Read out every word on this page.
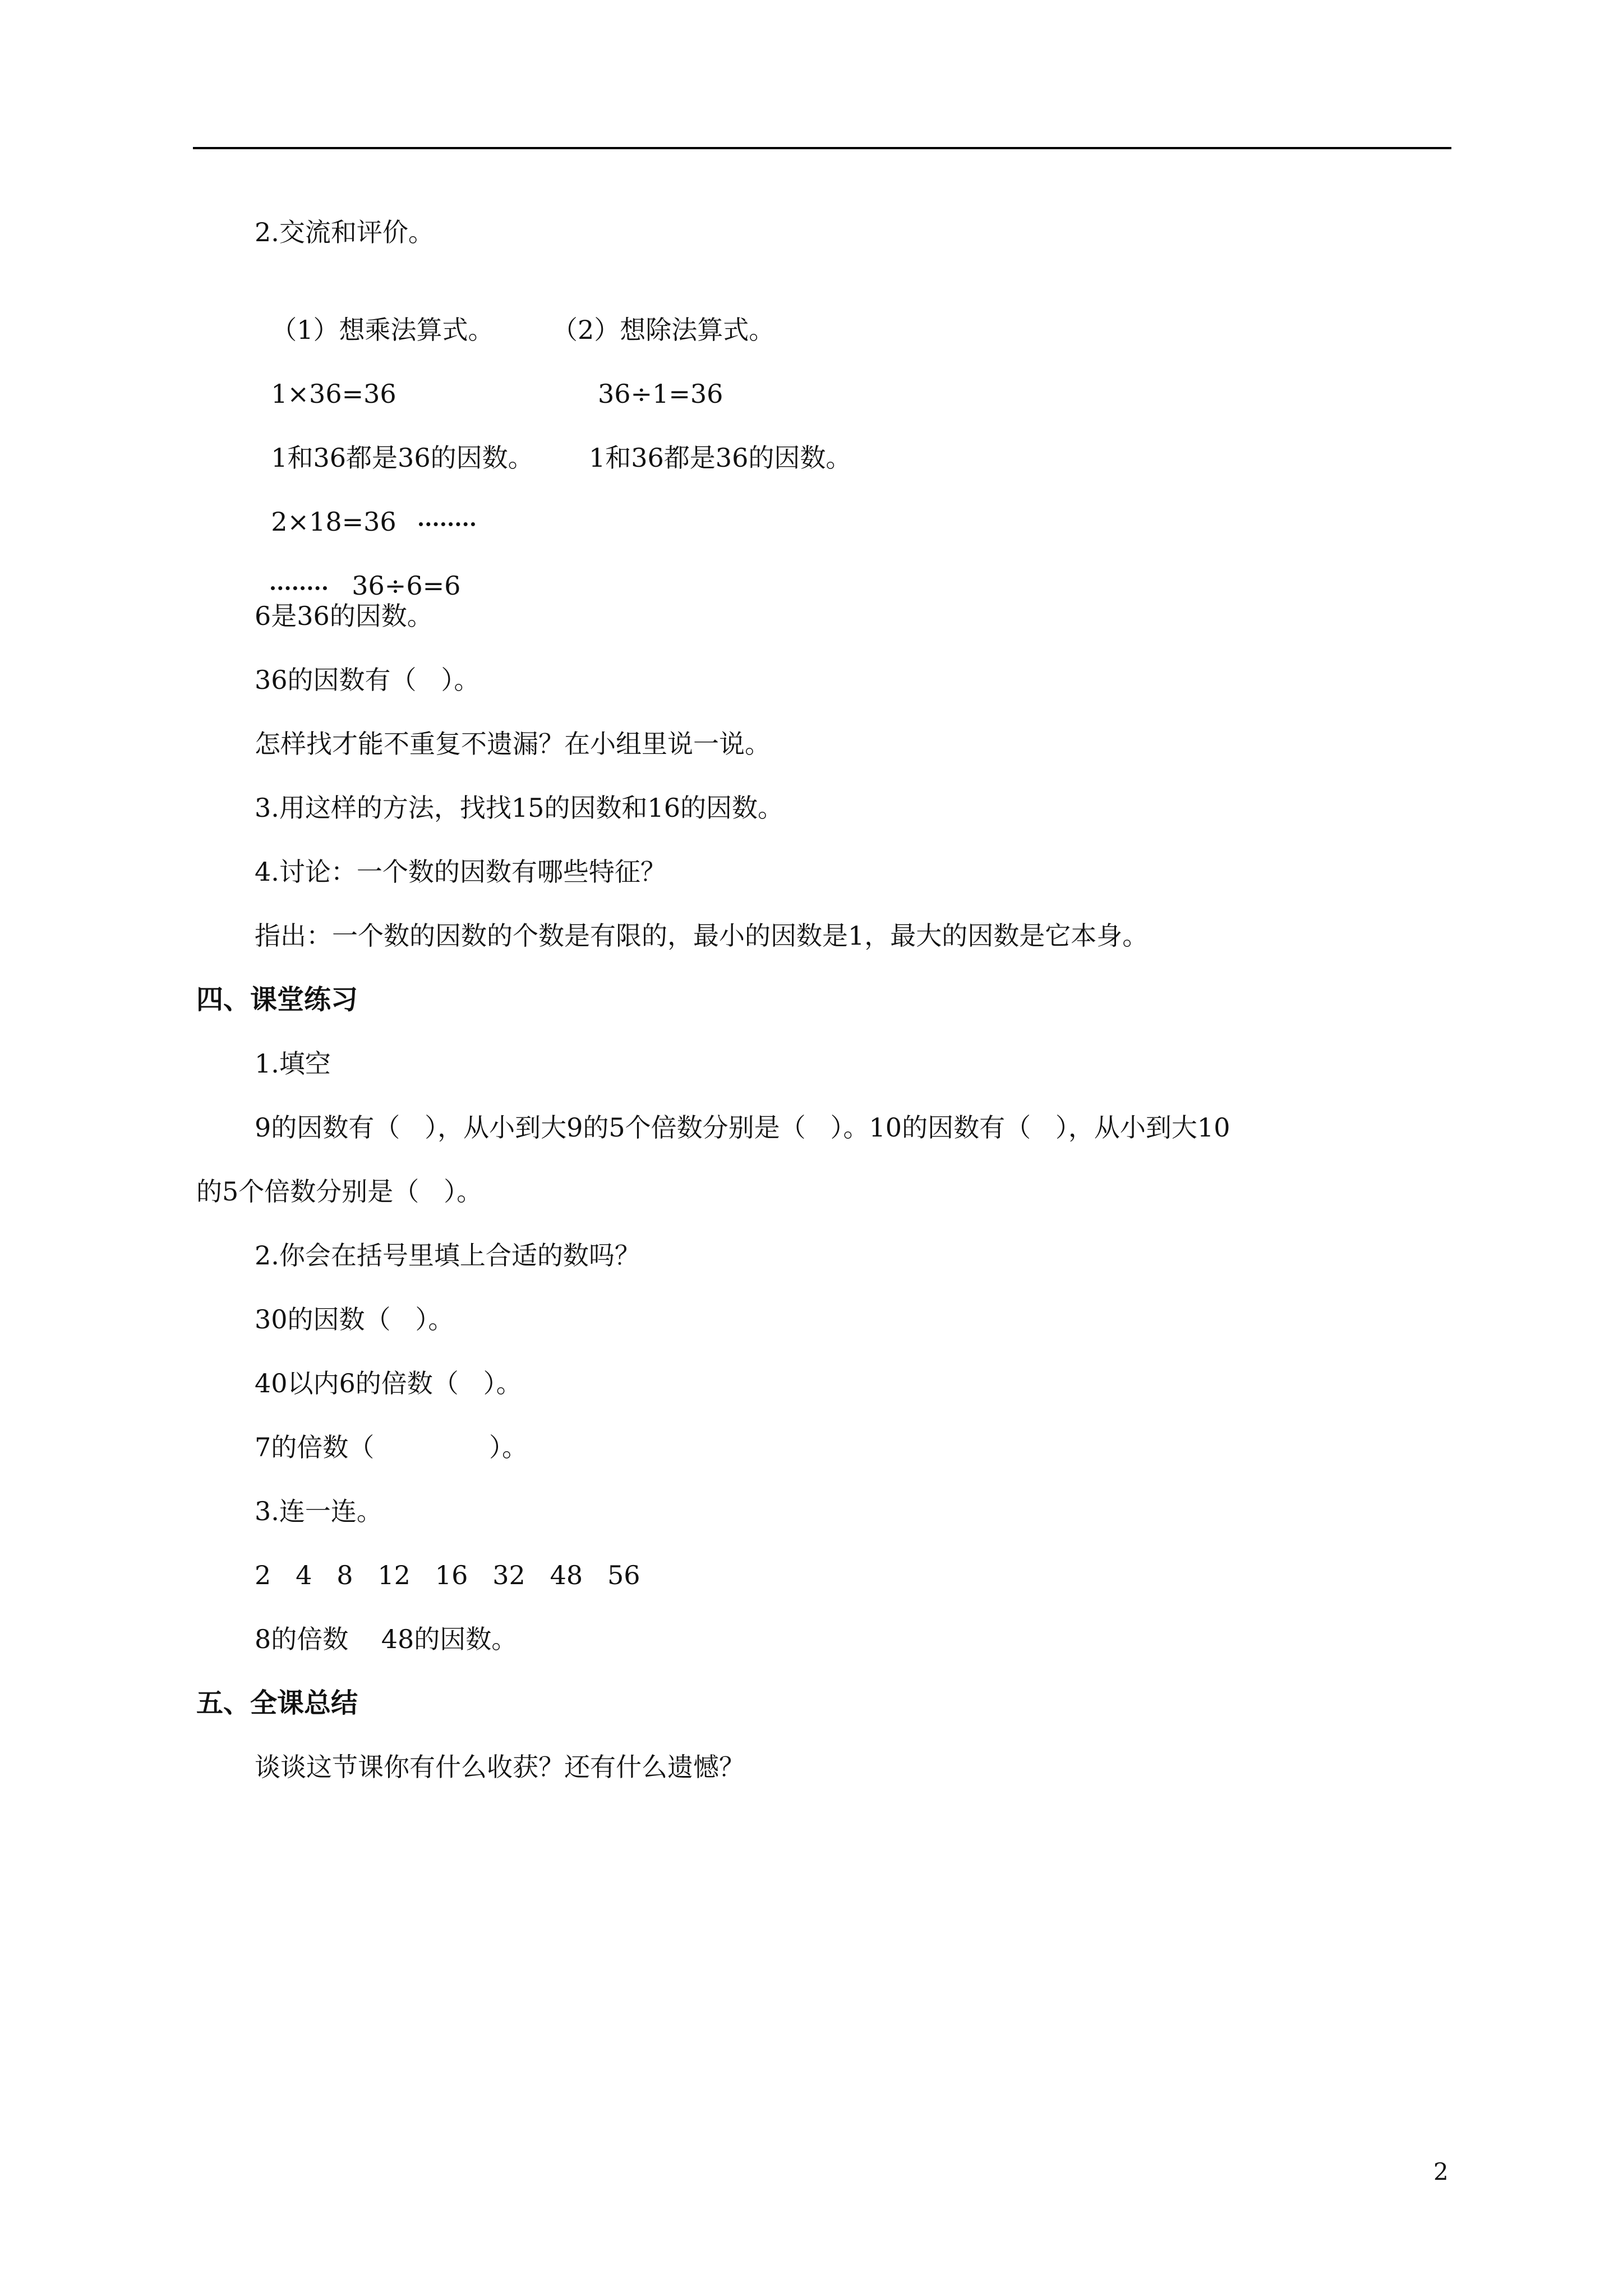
2.交流和评价。

（1）想乘法算式。 （2）想除法算式。

1×36=36	36÷1=36

1和36都是36的因数。 1和36都是36的因数。

2×18=36

36÷6=6

6是36的因数。

36的因数有（   ）。

怎样找才能不重复不遗漏？在小组里说一说。

3.用这样的方法，找找15的因数和16的因数。

4.讨论：一个数的因数有哪些特征？

指出：一个数的因数的个数是有限的，最小的因数是1，最大的因数是它本身。

四、课堂练习

1.填空

9的因数有（   ），从小到大9的5个倍数分别是（   ）。10的因数有（   ），从小到大10

的5个倍数分别是（   ）。

2.你会在括号里填上合适的数吗？

30的因数（   ）。

40以内6的倍数（   ）。

7的倍数（              ）。

3.连一连。

2   4   8   12   16   32   48   56

8的倍数    48的因数。

五、全课总结

谈谈这节课你有什么收获？还有什么遗憾？

2
